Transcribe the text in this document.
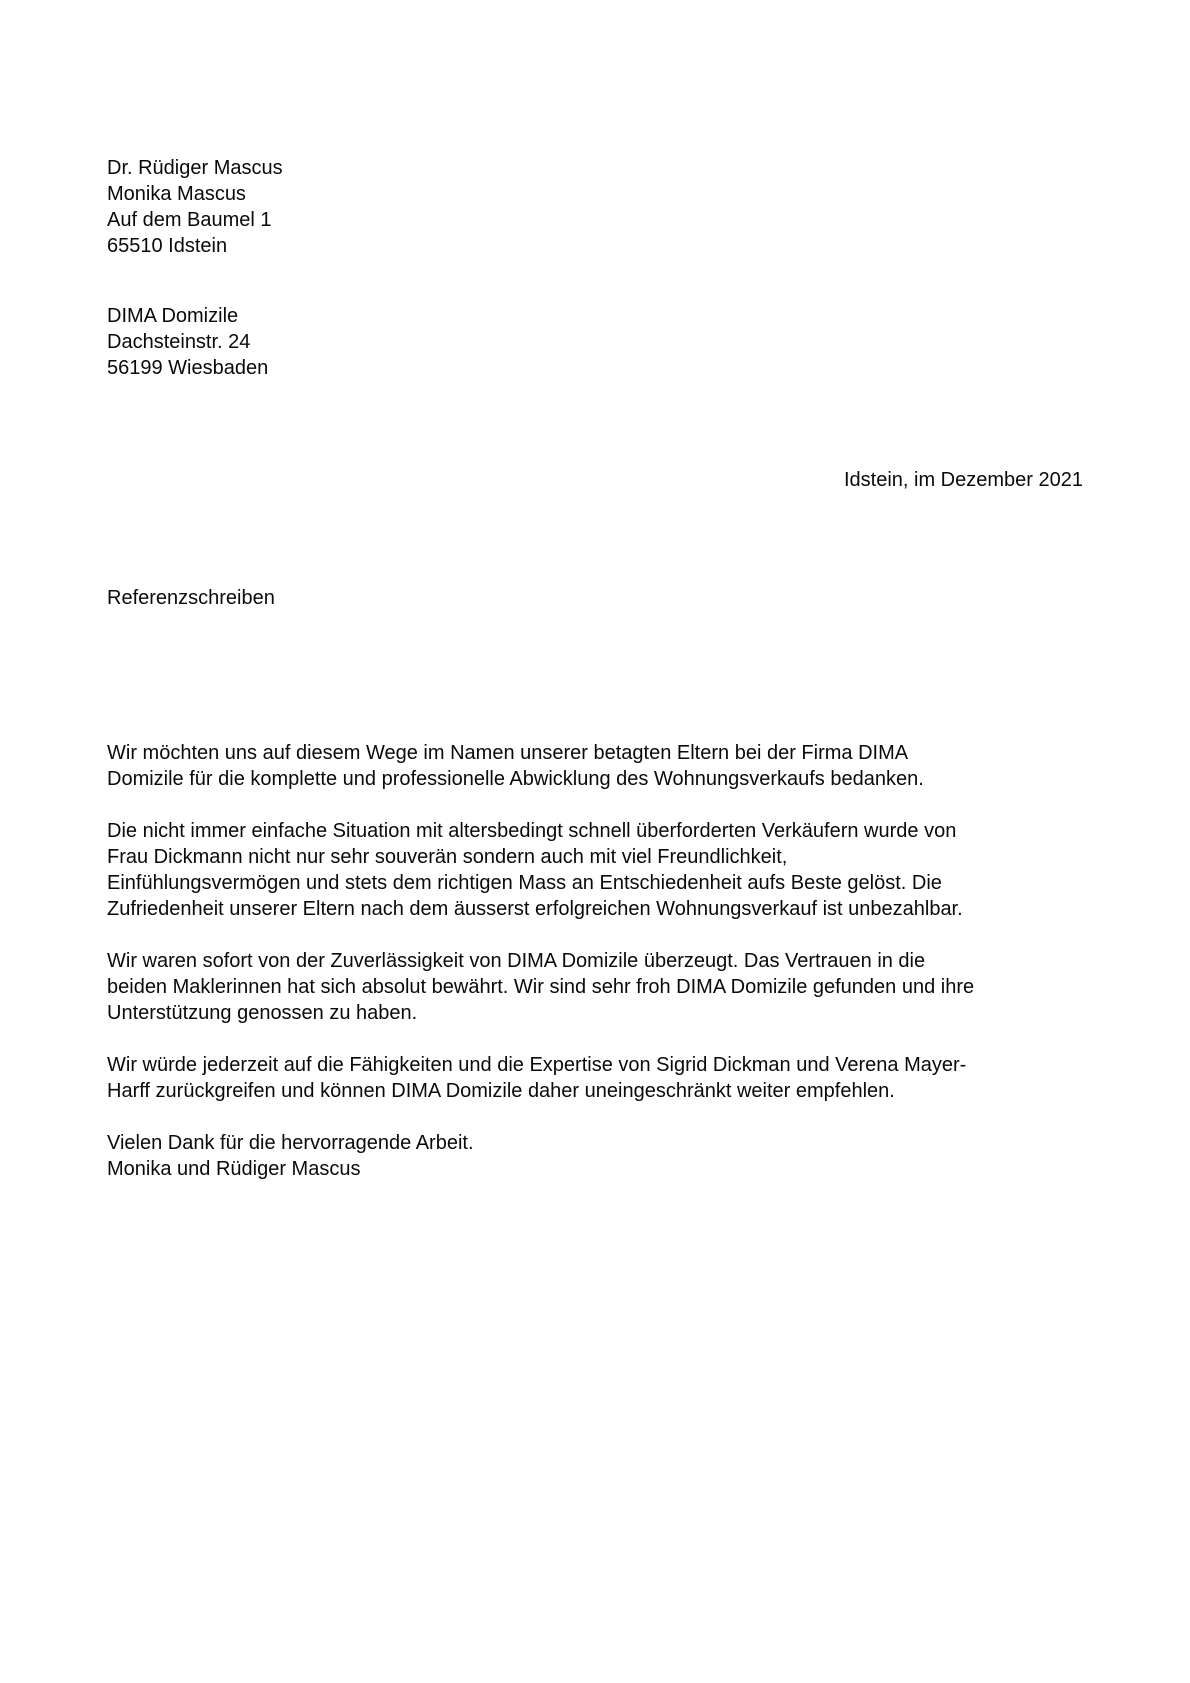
Dr. Rüdiger Mascus
Monika Mascus
Auf dem Baumel 1
65510 Idstein
DIMA Domizile
Dachsteinstr. 24
56199 Wiesbaden
Idstein, im Dezember 2021
Referenzschreiben
Wir möchten uns auf diesem Wege im Namen unserer betagten Eltern bei der Firma DIMA
Domizile für die komplette und professionelle Abwicklung des Wohnungsverkaufs bedanken.
Die nicht immer einfache Situation mit altersbedingt schnell überforderten Verkäufern wurde von
Frau Dickmann nicht nur sehr souverän sondern auch mit viel Freundlichkeit,
Einfühlungsvermögen und stets dem richtigen Mass an Entschiedenheit aufs Beste gelöst. Die
Zufriedenheit unserer Eltern nach dem äusserst erfolgreichen Wohnungsverkauf ist unbezahlbar.
Wir waren sofort von der Zuverlässigkeit von DIMA Domizile überzeugt. Das Vertrauen in die
beiden Maklerinnen hat sich absolut bewährt. Wir sind sehr froh DIMA Domizile gefunden und ihre
Unterstützung genossen zu haben.
Wir würde jederzeit auf die Fähigkeiten und die Expertise von Sigrid Dickman und Verena Mayer-
Harff zurückgreifen und können DIMA Domizile daher uneingeschränkt weiter empfehlen.
Vielen Dank für die hervorragende Arbeit.
Monika und Rüdiger Mascus
